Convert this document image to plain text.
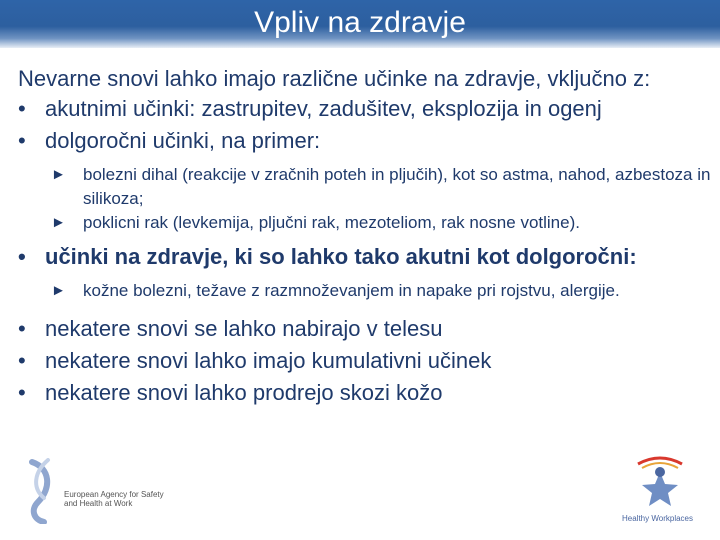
Vpliv na zdravje

Nevarne snovi lahko imajo različne učinke na zdravje, vključno z:

• akutnimi učinki: zastrupitev, zadušitev, eksplozija in ogenj

• dolgoročni učinki, na primer:

► bolezni dihal (reakcije v zračnih poteh in pljučih), kot so astma, nahod, azbestoza in silikoza;

► poklicni rak (levkemija, pljučni rak, mezoteliom, rak nosne votline).

• učinki na zdravje, ki so lahko tako akutni kot dolgoročni:

► kožne bolezni, težave z razmnoževanjem in napake pri rojstvu, alergije.

• nekatere snovi se lahko nabirajo v telesu

• nekatere snovi lahko imajo kumulativni učinek

• nekatere snovi lahko prodrejo skozi kožo

European Agency for Safety and Health at Work
Healthy Workplaces
